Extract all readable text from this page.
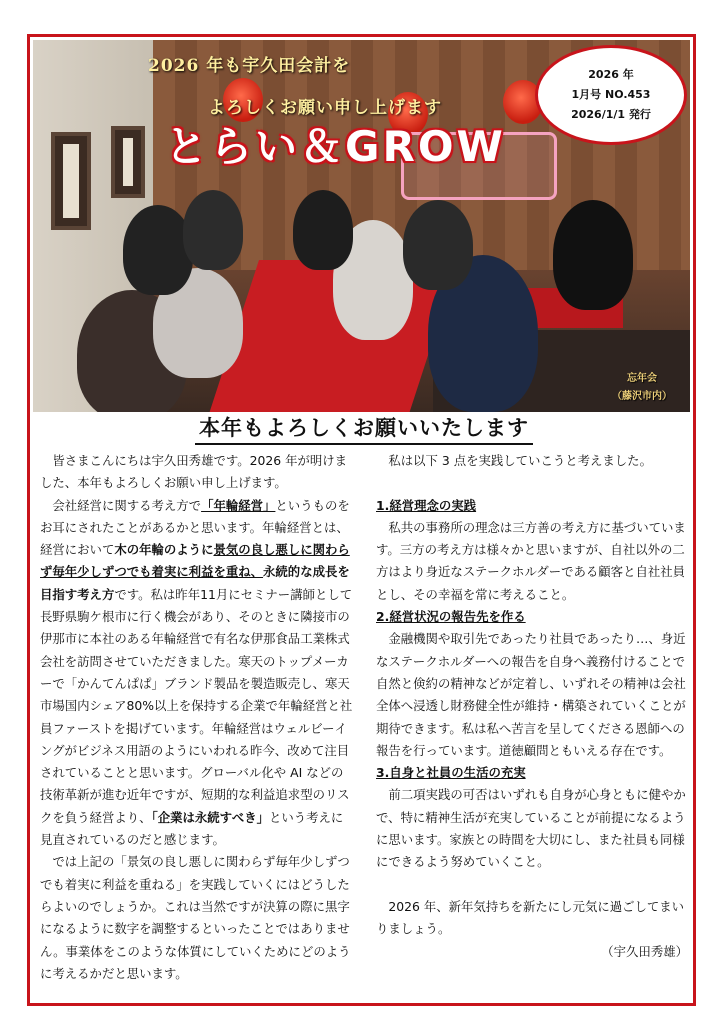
2026 年も宇久田会計を
よろしくお願い申し上げます
とらい＆GROW
2026 年
1月号 NO.453
2026/1/1 発行
忘年会
（藤沢市内）
本年もよろしくお願いいたします

皆さまこんにちは宇久田秀雄です。2026 年が明けました、本年もよろしくお願い申し上げます。

会社経営に関する考え方で「年輪経営」というものをお耳にされたことがあるかと思います。年輪経営とは、経営において木の年輪のように景気の良し悪しに関わらず毎年少しずつでも着実に利益を重ね、永続的な成長を目指す考え方です。私は昨年11月にセミナー講師として長野県駒ケ根市に行く機会があり、そのときに隣接市の伊那市に本社のある年輪経営で有名な伊那食品工業株式会社を訪問させていただきました。寒天のトップメーカーで「かんてんぱぱ」ブランド製品を製造販売し、寒天市場国内シェア80%以上を保持する企業で年輪経営と社員ファーストを掲げています。年輪経営はウェルビーイングがビジネス用語のようにいわれる昨今、改めて注目されていることと思います。グローバル化や AI などの技術革新が進む近年ですが、短期的な利益追求型のリスクを負う経営より、「企業は永続すべき」という考えに見直されているのだと感じます。

では上記の「景気の良し悪しに関わらず毎年少しずつでも着実に利益を重ねる」を実践していくにはどうしたらよいのでしょうか。これは当然ですが決算の際に黒字になるように数字を調整するといったことではありません。事業体をこのような体質にしていくためにどのように考えるかだと思います。

私は以下 3 点を実践していこうと考えました。

1.経営理念の実践

私共の事務所の理念は三方善の考え方に基づいています。三方の考え方は様々かと思いますが、自社以外の二方はより身近なステークホルダーである顧客と自社社員とし、その幸福を常に考えること。

2.経営状況の報告先を作る

金融機関や取引先であったり社員であったり…、身近なステークホルダーへの報告を自身へ義務付けることで自然と倹約の精神などが定着し、いずれその精神は会社全体へ浸透し財務健全性が維持・構築されていくことが期待できます。私は私へ苦言を呈してくださる恩師への報告を行っています。道徳顧問ともいえる存在です。

3.自身と社員の生活の充実

前二項実践の可否はいずれも自身が心身ともに健やかで、特に精神生活が充実していることが前提になるように思います。家族との時間を大切にし、また社員も同様にできるよう努めていくこと。

2026 年、新年気持ちを新たにし元気に過ごしてまいりましょう。

（宇久田秀雄）
